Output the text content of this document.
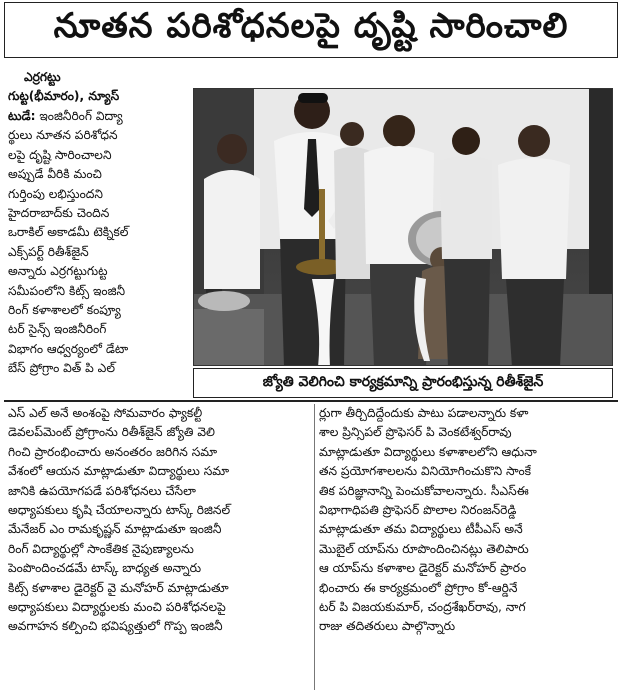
నూతన పరిశోధనలపై దృష్టి సారించాలి

ఎర్రగట్టు

గుట్ట(భీమారం), న్యూస్

టుడే: ఇంజినీరింగ్ విద్యా

ర్థులు నూతన పరిశోధన

లపై దృష్టి సారించాలని

అప్పుడే వీరికి మంచి

గుర్తింపు లభిస్తుందని

హైదరాబాద్‌కు చెందిన

ఒరాకిల్ అకాడమీ టెక్నికల్

ఎక్స్‌పర్ట్ రితీశ్‌జైన్

అన్నారు ఎర్రగట్టుగుట్ట

సమీపంలోని కిట్స్ ఇంజినీ

రింగ్ కళాశాలలో కంప్యూ

టర్ సైన్స్ ఇంజినీరింగ్

విభాగం ఆధ్వర్యంలో డేటా

బేస్ ప్రోగ్రాం విత్ పి ఎల్

జ్యోతి వెలిగించి కార్యక్రమాన్ని ప్రారంభిస్తున్న రితీశ్‌జైన్

ఎస్ ఎల్ అనే అంశంపై సోమవారం ఫ్యాకల్టీ

డెవలప్‌మెంట్ ప్రోగ్రాంను రితీశ్‌జైన్ జ్యోతి వెలి

గించి ప్రారంభించారు అనంతరం జరిగిన సమా

వేశంలో ఆయన మాట్లాడుతూ విద్యార్థులు సమా

జానికి ఉపయోగపడే పరిశోధనలు చేసేలా

అధ్యాపకులు కృషి చేయాలన్నారు టాస్క్ రిజినల్

మేనేజర్ ఎం రామకృష్ణన్ మాట్లాడుతూ ఇంజినీ

రింగ్ విద్యార్థుల్లో సాంకేతిక నైపుణ్యాలను

పెంపొందించడమే టాస్క్ బాధ్యత అన్నారు

కిట్స్ కళాశాల డైరెక్టర్ వై మనోహర్ మాట్లాడుతూ

అధ్యాపకులు విద్యార్థులకు మంచి పరిశోధనలపై

అవగాహన కల్పించి భవిష్యత్తులో గొప్ప ఇంజినీ

ర్లుగా తీర్చిదిద్దేందుకు పాటు పడాలన్నారు కళా

శాల ప్రిన్సిపల్ ప్రొఫెసర్ పి వెంకటేశ్వర్‌రావు

మాట్లాడుతూ విద్యార్థులు కళాశాలలోని ఆధునా

తన ప్రయోగశాలలను వినియోగించుకొని సాంకే

తిక పరిజ్ఞానాన్ని పెంచుకోవాలన్నారు. సీఎస్ఈ

విభాగాధిపతి ప్రొఫెసర్ పొలాల నిరంజన్‌రెడ్డి

మాట్లాడుతూ తమ విద్యార్థులు టీపీఎస్ అనే

మొబైల్ యాప్‌ను రూపొందించినట్లు తెలిపారు

ఆ యాప్‌ను కళాశాల డైరెక్టర్ మనోహర్ ప్రారం

భించారు ఈ కార్యక్రమంలో ప్రోగ్రాం కో-ఆర్డినే

టర్ పి విజయకుమార్, చంద్రశేఖర్‌రావు, నాగ

రాజు తదితరులు పాల్గొన్నారు
